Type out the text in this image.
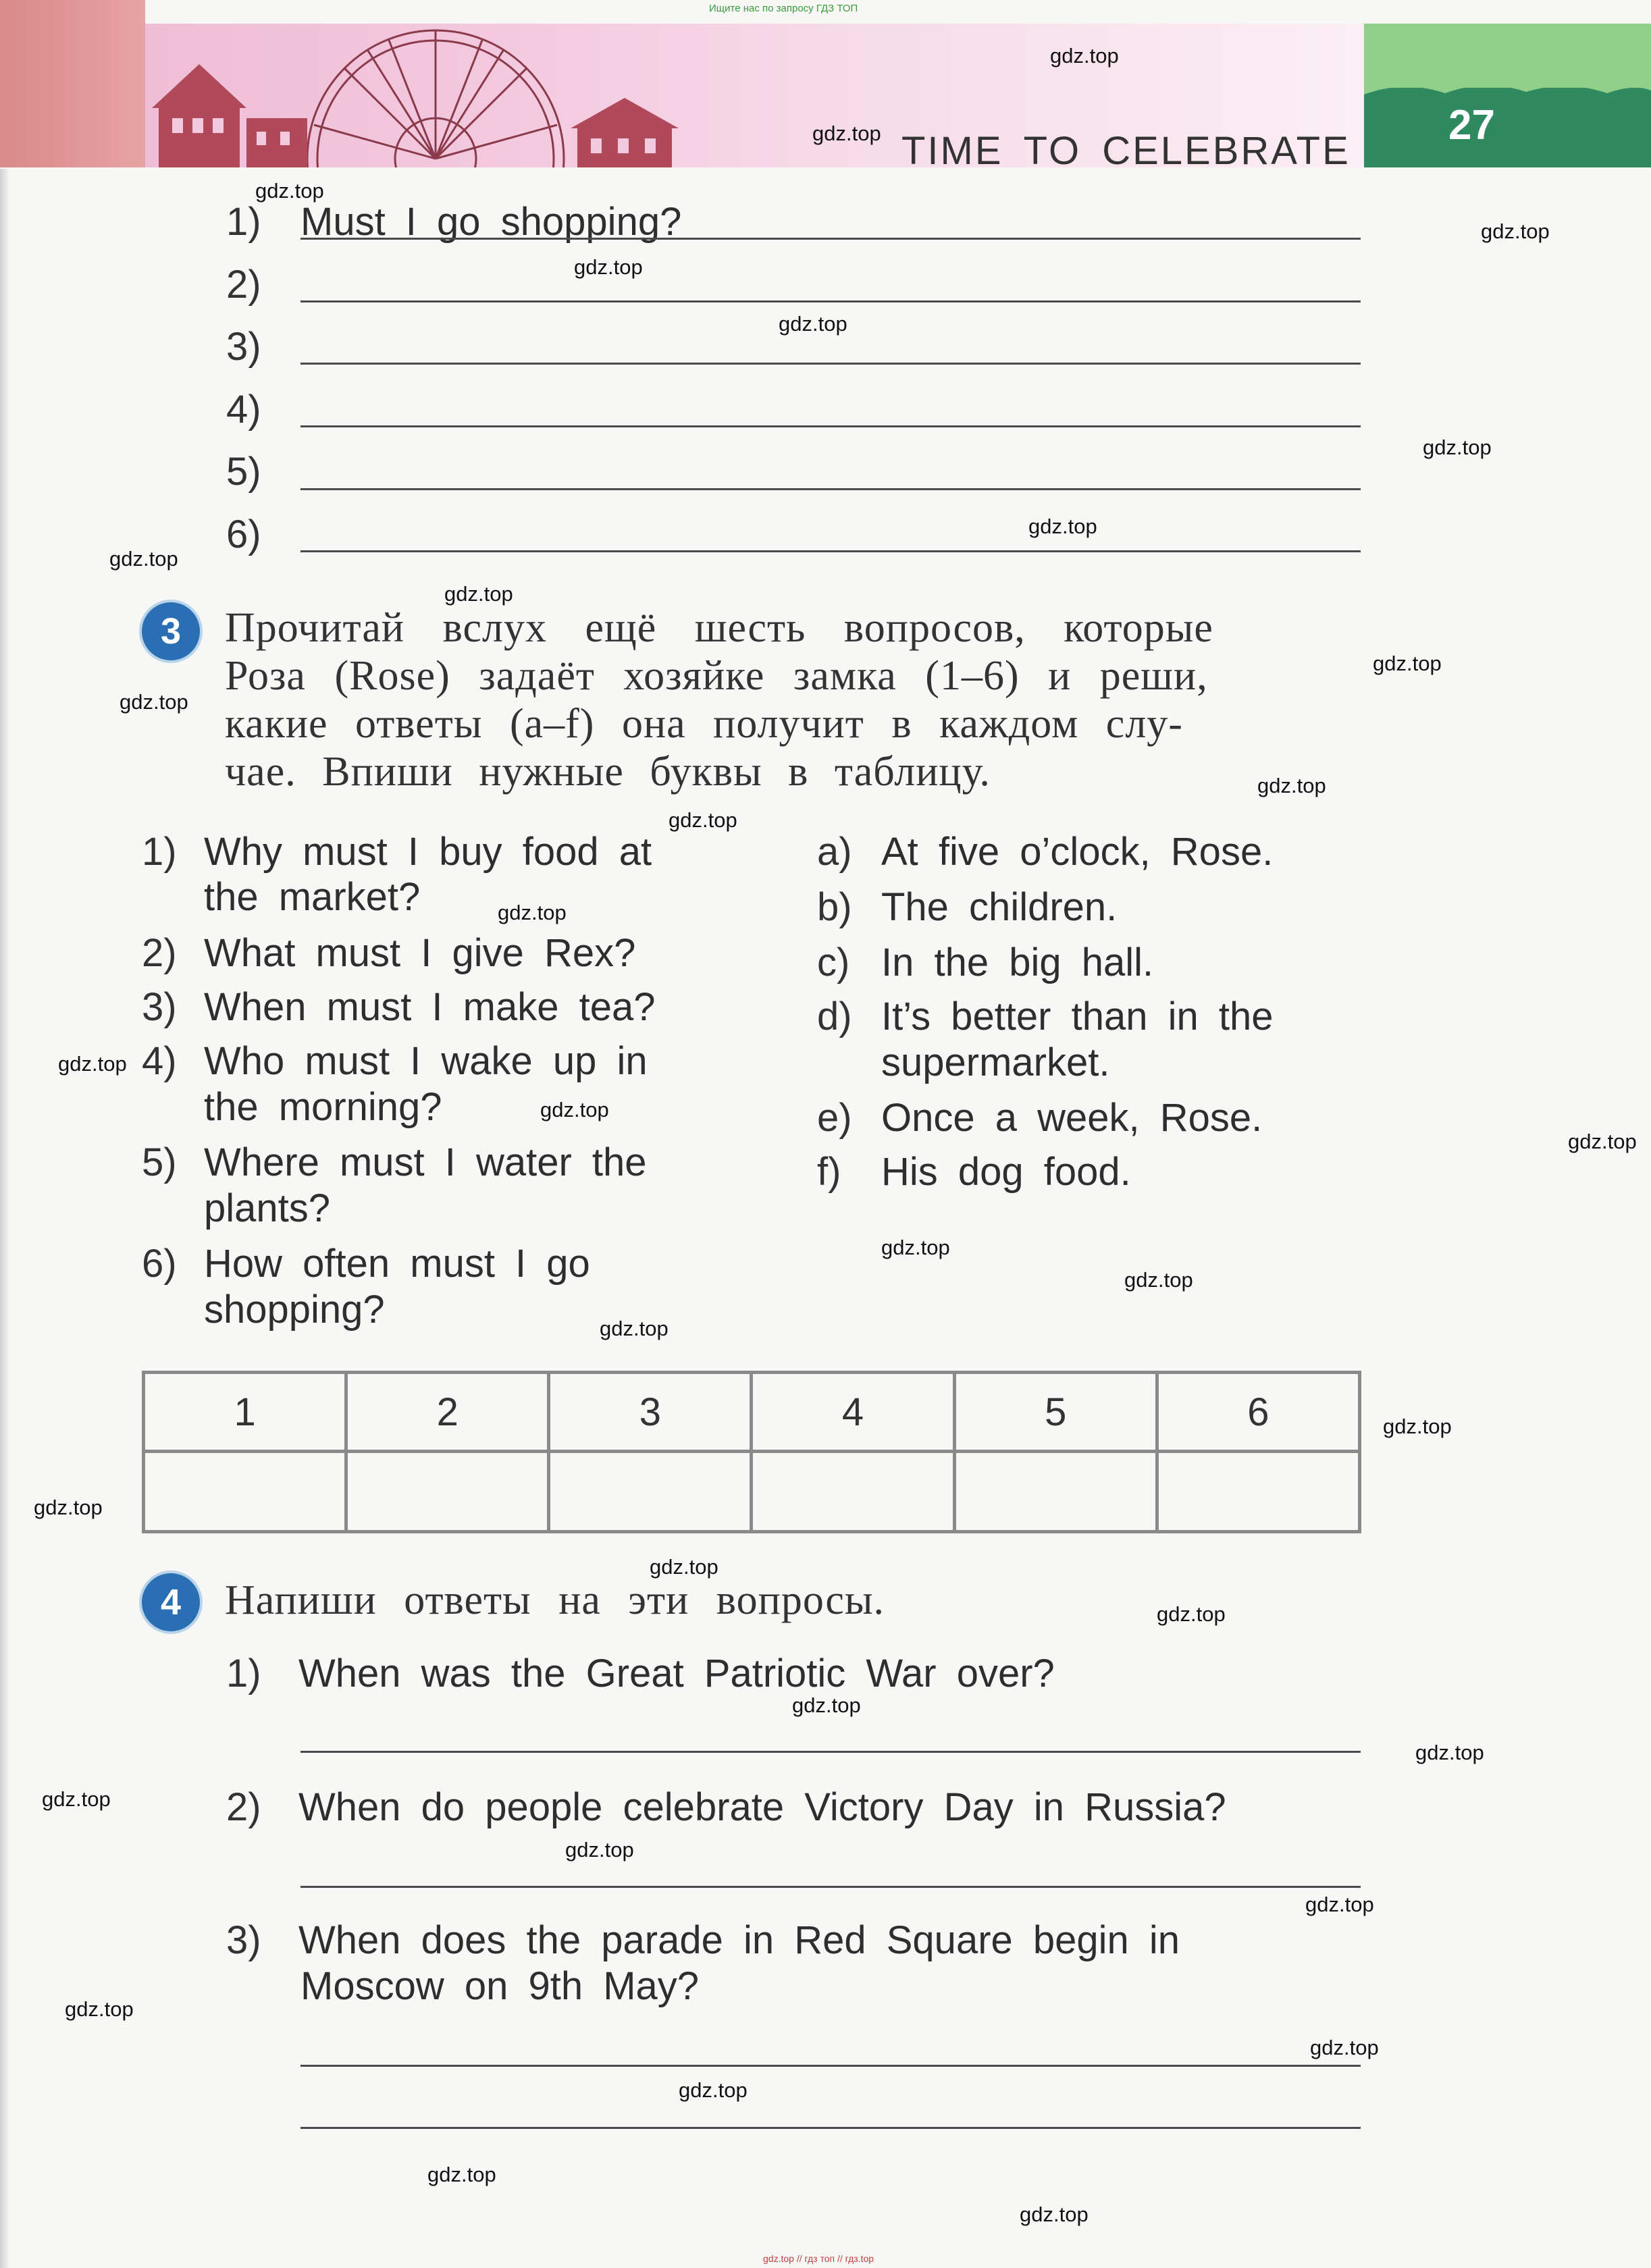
Ищите нас по запросу ГДЗ ТОП
TIME TO CELEBRATE
27
1) Must I go shopping?
2)
3)
4)
5)
6)
3	Прочитай вслух ещё шесть вопросов, которые
Роза (Rose) задаёт хозяйке замка (1–6) и реши,
какие ответы (a–f) она получит в каждом слу-
чае. Впиши нужные буквы в таблицу.
1) Why must I buy food at
the market?
2) What must I give Rex?
3) When must I make tea?
4) Who must I wake up in
the morning?
5) Where must I water the
plants?
6) How often must I go
shopping?
a) At five o’clock, Rose.
b) The children.
c) In the big hall.
d) It’s better than in the
supermarket.
e) Once a week, Rose.
f) His dog food.
1	2	3	4	5	6

4	Напиши ответы на эти вопросы.
1) When was the Great Patriotic War over?
2) When do people celebrate Victory Day in Russia?
3) When does the parade in Red Square begin in
Moscow on 9th May?
gdz.top
gdz.top
gdz.top
gdz.top
gdz.top
gdz.top
gdz.top
gdz.top
gdz.top
gdz.top
gdz.top
gdz.top
gdz.top
gdz.top
gdz.top
gdz.top
gdz.top
gdz.top
gdz.top
gdz.top
gdz.top
gdz.top
gdz.top
gdz.top
gdz.top
gdz.top
gdz.top
gdz.top
gdz.top
gdz.top
gdz.top
gdz.top
gdz.top
gdz.top
gdz.top
gdz.top // гдз топ // гдз.top
